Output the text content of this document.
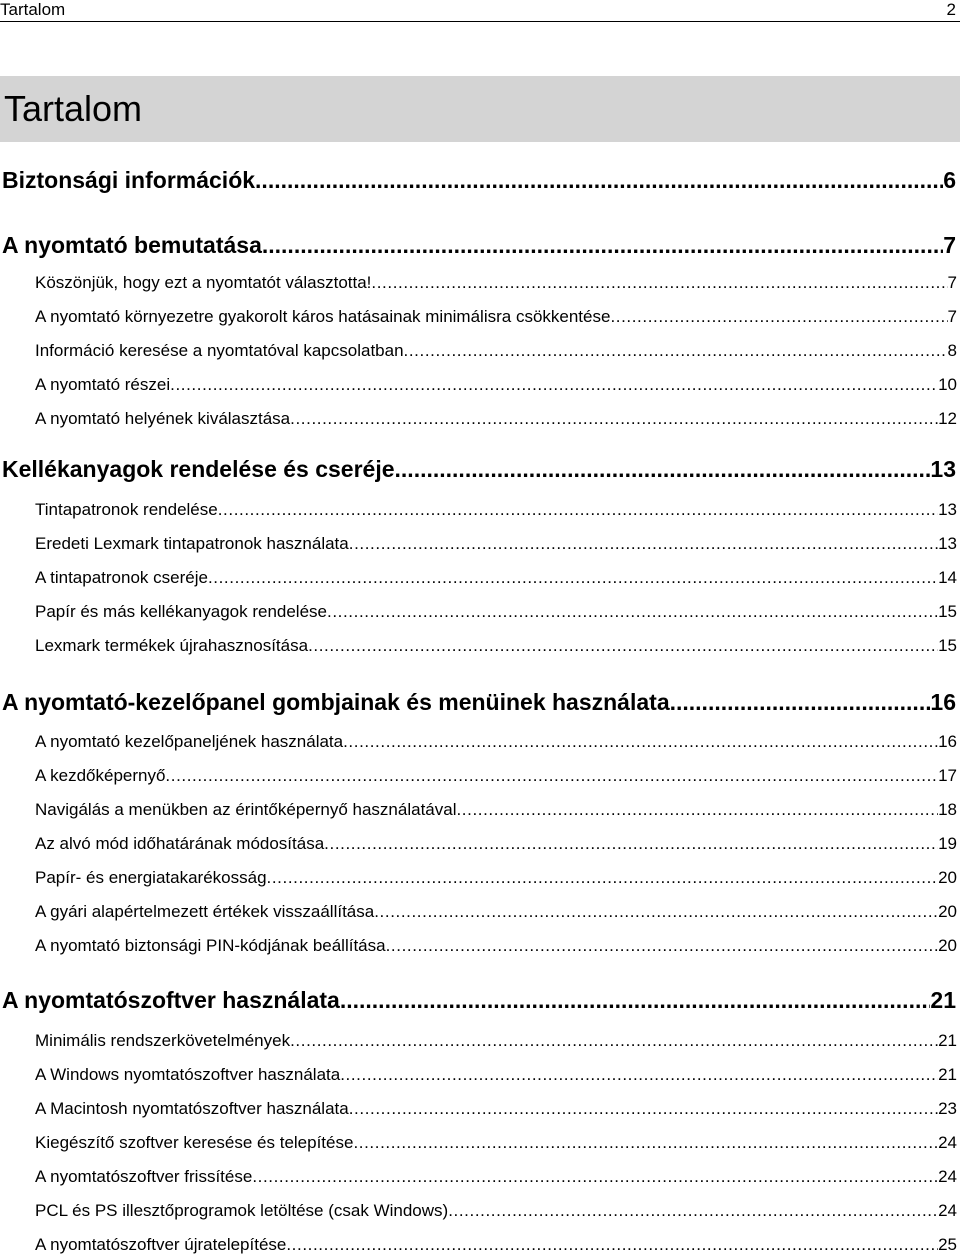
Tartalom	2
Tartalom
Biztonsági információk .....	6
A nyomtató bemutatása .....	7
Köszönjük, hogy ezt a nyomtatót választotta! .....	7
A nyomtató környezetre gyakorolt káros hatásainak minimálisra csökkentése .....	7
Információ keresése a nyomtatóval kapcsolatban .....	8
A nyomtató részei .....	10
A nyomtató helyének kiválasztása .....	12
Kellékanyagok rendelése és cseréje .....	13
Tintapatronok rendelése .....	13
Eredeti Lexmark tintapatronok használata .....	13
A tintapatronok cseréje .....	14
Papír és más kellékanyagok rendelése .....	15
Lexmark termékek újrahasznosítása .....	15
A nyomtató-kezelőpanel gombjainak és menüinek használata .....	16
A nyomtató kezelőpaneljének használata .....	16
A kezdőképernyő .....	17
Navigálás a menükben az érintőképernyő használatával .....	18
Az alvó mód időhatárának módosítása .....	19
Papír- és energiatakarékosság .....	20
A gyári alapértelmezett értékek visszaállítása .....	20
A nyomtató biztonsági PIN-kódjának beállítása .....	20
A nyomtatószoftver használata .....	21
Minimális rendszerkövetelmények .....	21
A Windows nyomtatószoftver használata .....	21
A Macintosh nyomtatószoftver használata .....	23
Kiegészítő szoftver keresése és telepítése .....	24
A nyomtatószoftver frissítése .....	24
PCL és PS illesztőprogramok letöltése (csak Windows) .....	24
A nyomtatószoftver újratelepítése .....	25
